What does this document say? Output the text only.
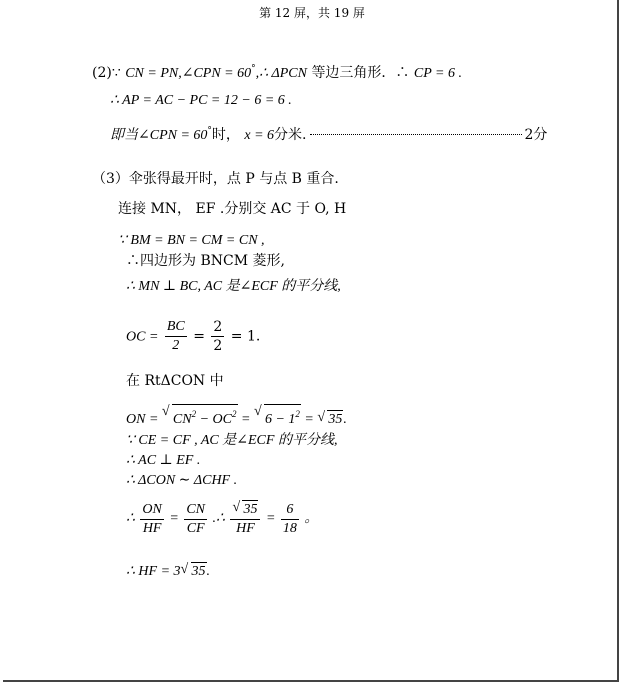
第 12 屏，共 19 屏
(2)∵ CN = PN,∠CPN = 60°,∴ ΔPCN 等边三角形．∴ CP = 6 .
∴ AP = AC − PC = 12 − 6 = 6 .
即当∠CPN = 60°时， x = 6分米.	2分
（3）伞张得最开时，点 P 与点 B 重合.
连接 MN， EF .分别交 AC 于 O, H
∵ BM = BN = CM = CN ,
∴四边形为 BNCM 菱形,
∴ MN ⊥ BC, AC 是∠ECF 的平分线,
OC = $\frac{BC}{2} = \frac{2}{2} = 1$.
在 RtΔCON 中
ON = √ $CN^2 - OC^2$ = √ $6 - 1^2$ = √ 35.
∵ CE = CF , AC 是∠ECF 的平分线,
∴ AC ⊥ EF .
∴ ΔCON ∼ ΔCHF .
∴ $\frac{ON}{HF} = \frac{CN}{CF}$ .∴ √ $\frac{35}{HF} = \frac{6}{18}$ 。
∴ HF = 3 √ 35.
